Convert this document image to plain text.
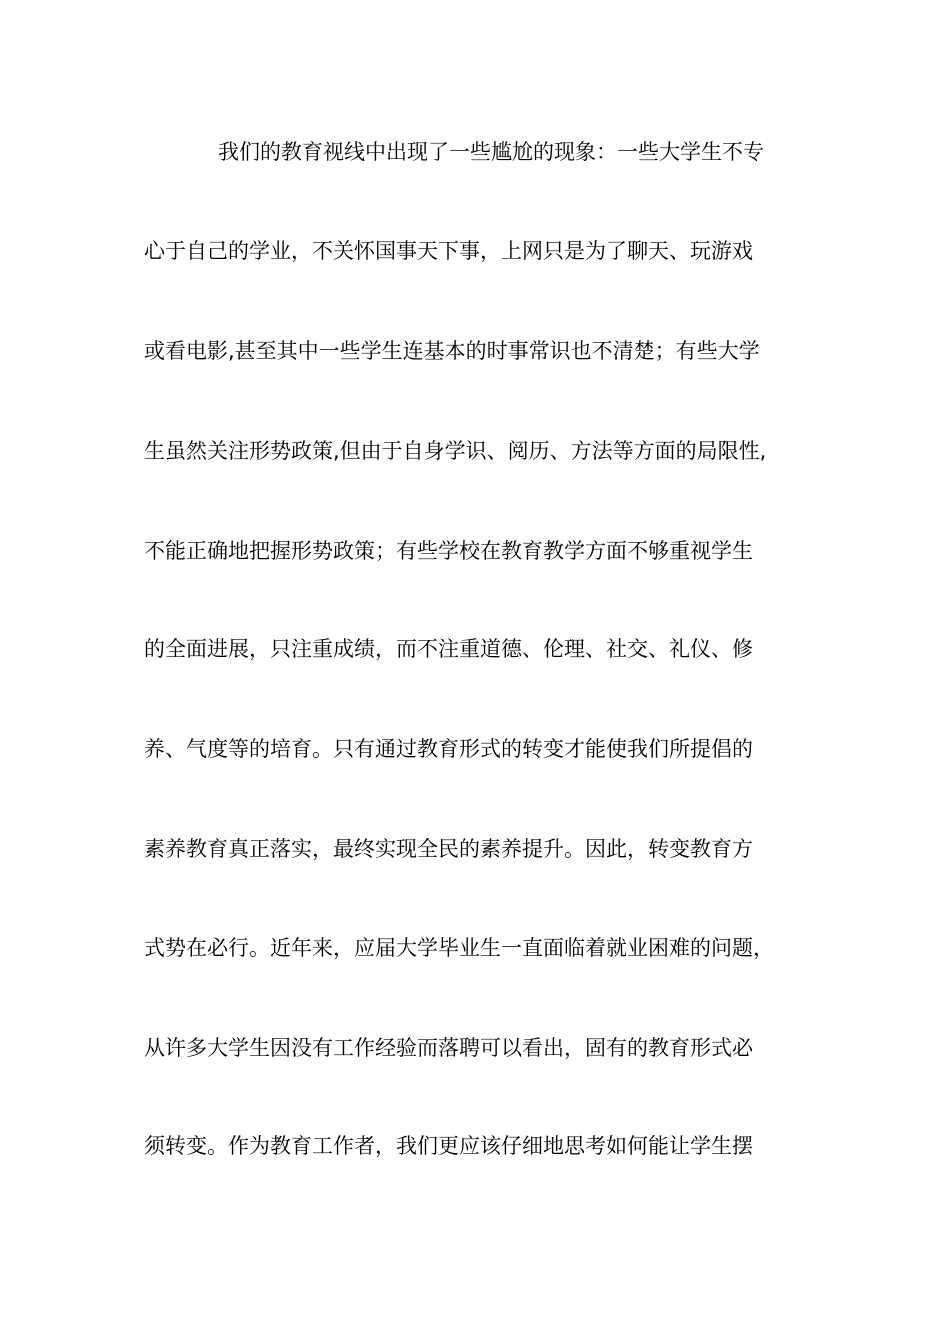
我们的教育视线中出现了一些尴尬的现象：一些大学生不专
心于自己的学业，不关怀国事天下事，上网只是为了聊天、玩游戏
或看电影,甚至其中一些学生连基本的时事常识也不清楚；有些大学
生虽然关注形势政策,但由于自身学识、阅历、方法等方面的局限性,
不能正确地把握形势政策；有些学校在教育教学方面不够重视学生
的全面进展，只注重成绩，而不注重道德、伦理、社交、礼仪、修
养、气度等的培育。只有通过教育形式的转变才能使我们所提倡的
素养教育真正落实，最终实现全民的素养提升。因此，转变教育方
式势在必行。近年来，应届大学毕业生一直面临着就业困难的问题，
从许多大学生因没有工作经验而落聘可以看出，固有的教育形式必
须转变。作为教育工作者，我们更应该仔细地思考如何能让学生摆
